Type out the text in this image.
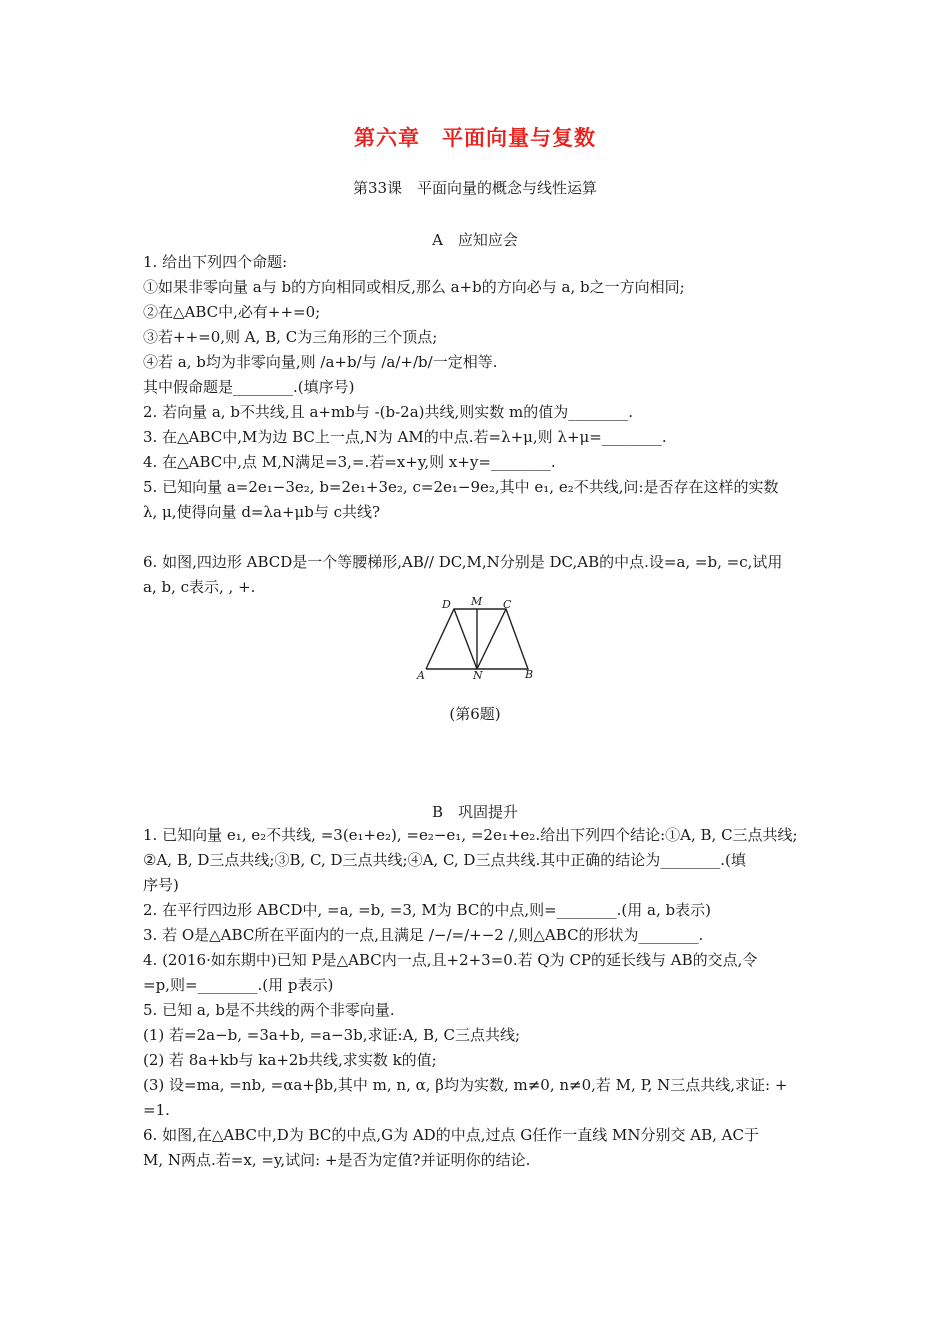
第六章　平面向量与复数
第33课　平面向量的概念与线性运算
A　应知应会
1. 给出下列四个命题:
①如果非零向量 a与 b的方向相同或相反,那么 a+b的方向必与 a, b之一方向相同;
②在△ABC中,必有++=0;
③若++=0,则 A, B, C为三角形的三个顶点;
④若 a, b均为非零向量,则 /a+b/与 /a/+/b/一定相等.
其中假命题是________.(填序号)
2. 若向量 a, b不共线,且 a+mb与 -(b-2a)共线,则实数 m的值为________.
3. 在△ABC中,M为边 BC上一点,N为 AM的中点.若=λ+μ,则 λ+μ=________.
4. 在△ABC中,点 M,N满足=3,=.若=x+y,则 x+y=________.
5. 已知向量 a=2e₁−3e₂, b=2e₁+3e₂, c=2e₁−9e₂,其中 e₁, e₂不共线,问:是否存在这样的实数
λ, μ,使得向量 d=λa+μb与 c共线?
6. 如图,四边形 ABCD是一个等腰梯形,AB// DC,M,N分别是 DC,AB的中点.设=a, =b, =c,试用
a, b, c表示, , +.
D M C
A	N	B
(第6题)
B　巩固提升
1. 已知向量 e₁, e₂不共线, =3(e₁+e₂), =e₂−e₁, =2e₁+e₂.给出下列四个结论:①A, B, C三点共线;
②A, B, D三点共线;③B, C, D三点共线;④A, C, D三点共线.其中正确的结论为________.(填
序号)
2. 在平行四边形 ABCD中, =a, =b, =3, M为 BC的中点,则=________.(用 a, b表示)
3. 若 O是△ABC所在平面内的一点,且满足 /−/=/+−2 /,则△ABC的形状为________.
4. (2016·如东期中)已知 P是△ABC内一点,且+2+3=0.若 Q为 CP的延长线与 AB的交点,令
=p,则=________.(用 p表示)
5. 已知 a, b是不共线的两个非零向量.
(1) 若=2a−b, =3a+b, =a−3b,求证:A, B, C三点共线;
(2) 若 8a+kb与 ka+2b共线,求实数 k的值;
(3) 设=ma, =nb, =αa+βb,其中 m, n, α, β均为实数, m≠0, n≠0,若 M, P, N三点共线,求证: +
=1.
6. 如图,在△ABC中,D为 BC的中点,G为 AD的中点,过点 G任作一直线 MN分别交 AB, AC于
M, N两点.若=x, =y,试问: +是否为定值?并证明你的结论.
